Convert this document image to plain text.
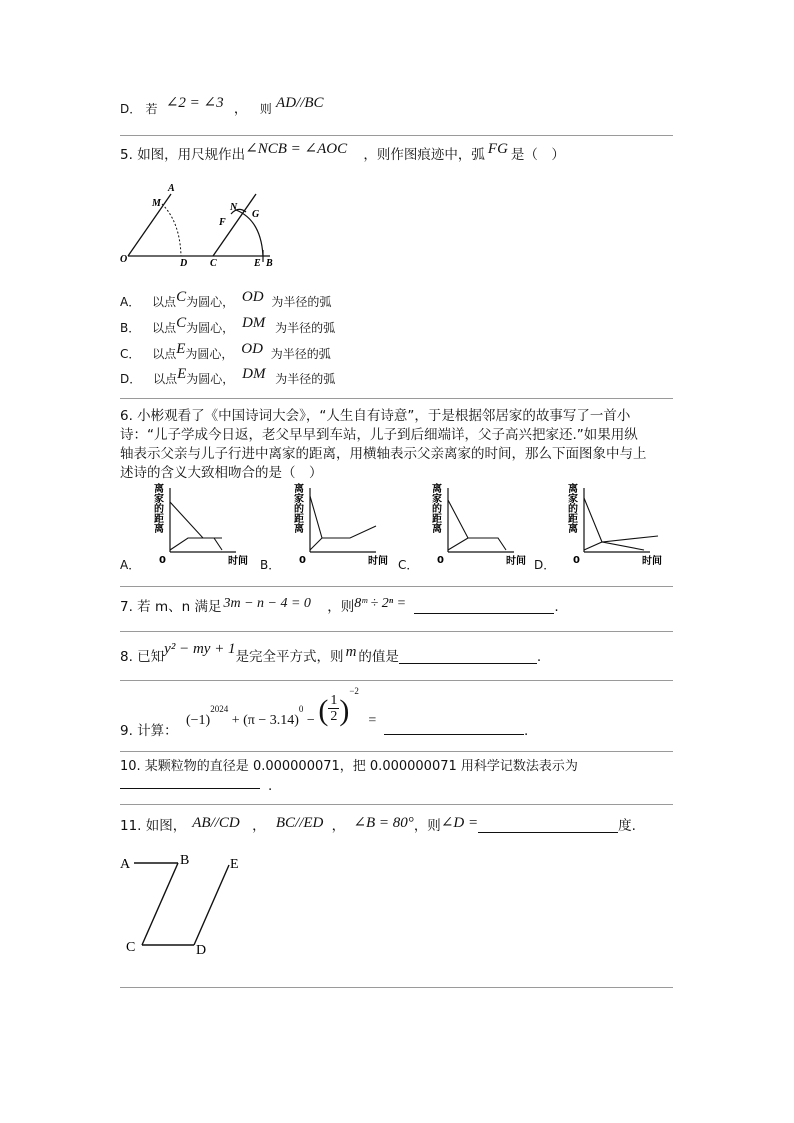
D． 若 ∠2 = ∠3 ， 则 AD//BC
5. 如图，用尺规作出∠NCB = ∠AOC ，则作图痕迹中，弧 FG 是（　）
A
M
O	D
N
G
F
C	E B
A． 以点C为圆心， OD 为半径的弧
B． 以点C为圆心， DM 为半径的弧
C． 以点E为圆心， OD 为半径的弧
D． 以点E为圆心， DM 为半径的弧
6. 小彬观看了《中国诗词大会》，“人生自有诗意”，于是根据邻居家的故事写了一首小
诗：“儿子学成今日返，老父早早到车站，儿子到后细端详，父子高兴把家还.”如果用纵
轴表示父亲与儿子行进中离家的距离，用横轴表示父亲离家的时间，那么下面图象中与上
述诗的含义大致相吻合的是（　）
离
家
的
距
离
0	时间
离
家
的
距
离
0	时间
离
家
的
距
离
0	时间
离
家
的
距
离
0	时间
A．	B．	C．	D．
7. 若 m、n 满足 3m − n − 4 = 0 ，则8ᵐ ÷ 2ⁿ =	.
8. 已知y² − my + 1是完全平方式，则 m 的值是	.
9. 计算：
$(-1)^{2024} + (\pi - 3.14)^0$ − ( $\frac{1}{2} )^{-2}$ =
.
10. 某颗粒物的直径是 0.000000071，把 0.000000071 用科学记数法表示为
.
11. 如图， AB//CD ， BC//ED ， ∠B = 80°，则∠D =	度.
A	B
C	D
E
